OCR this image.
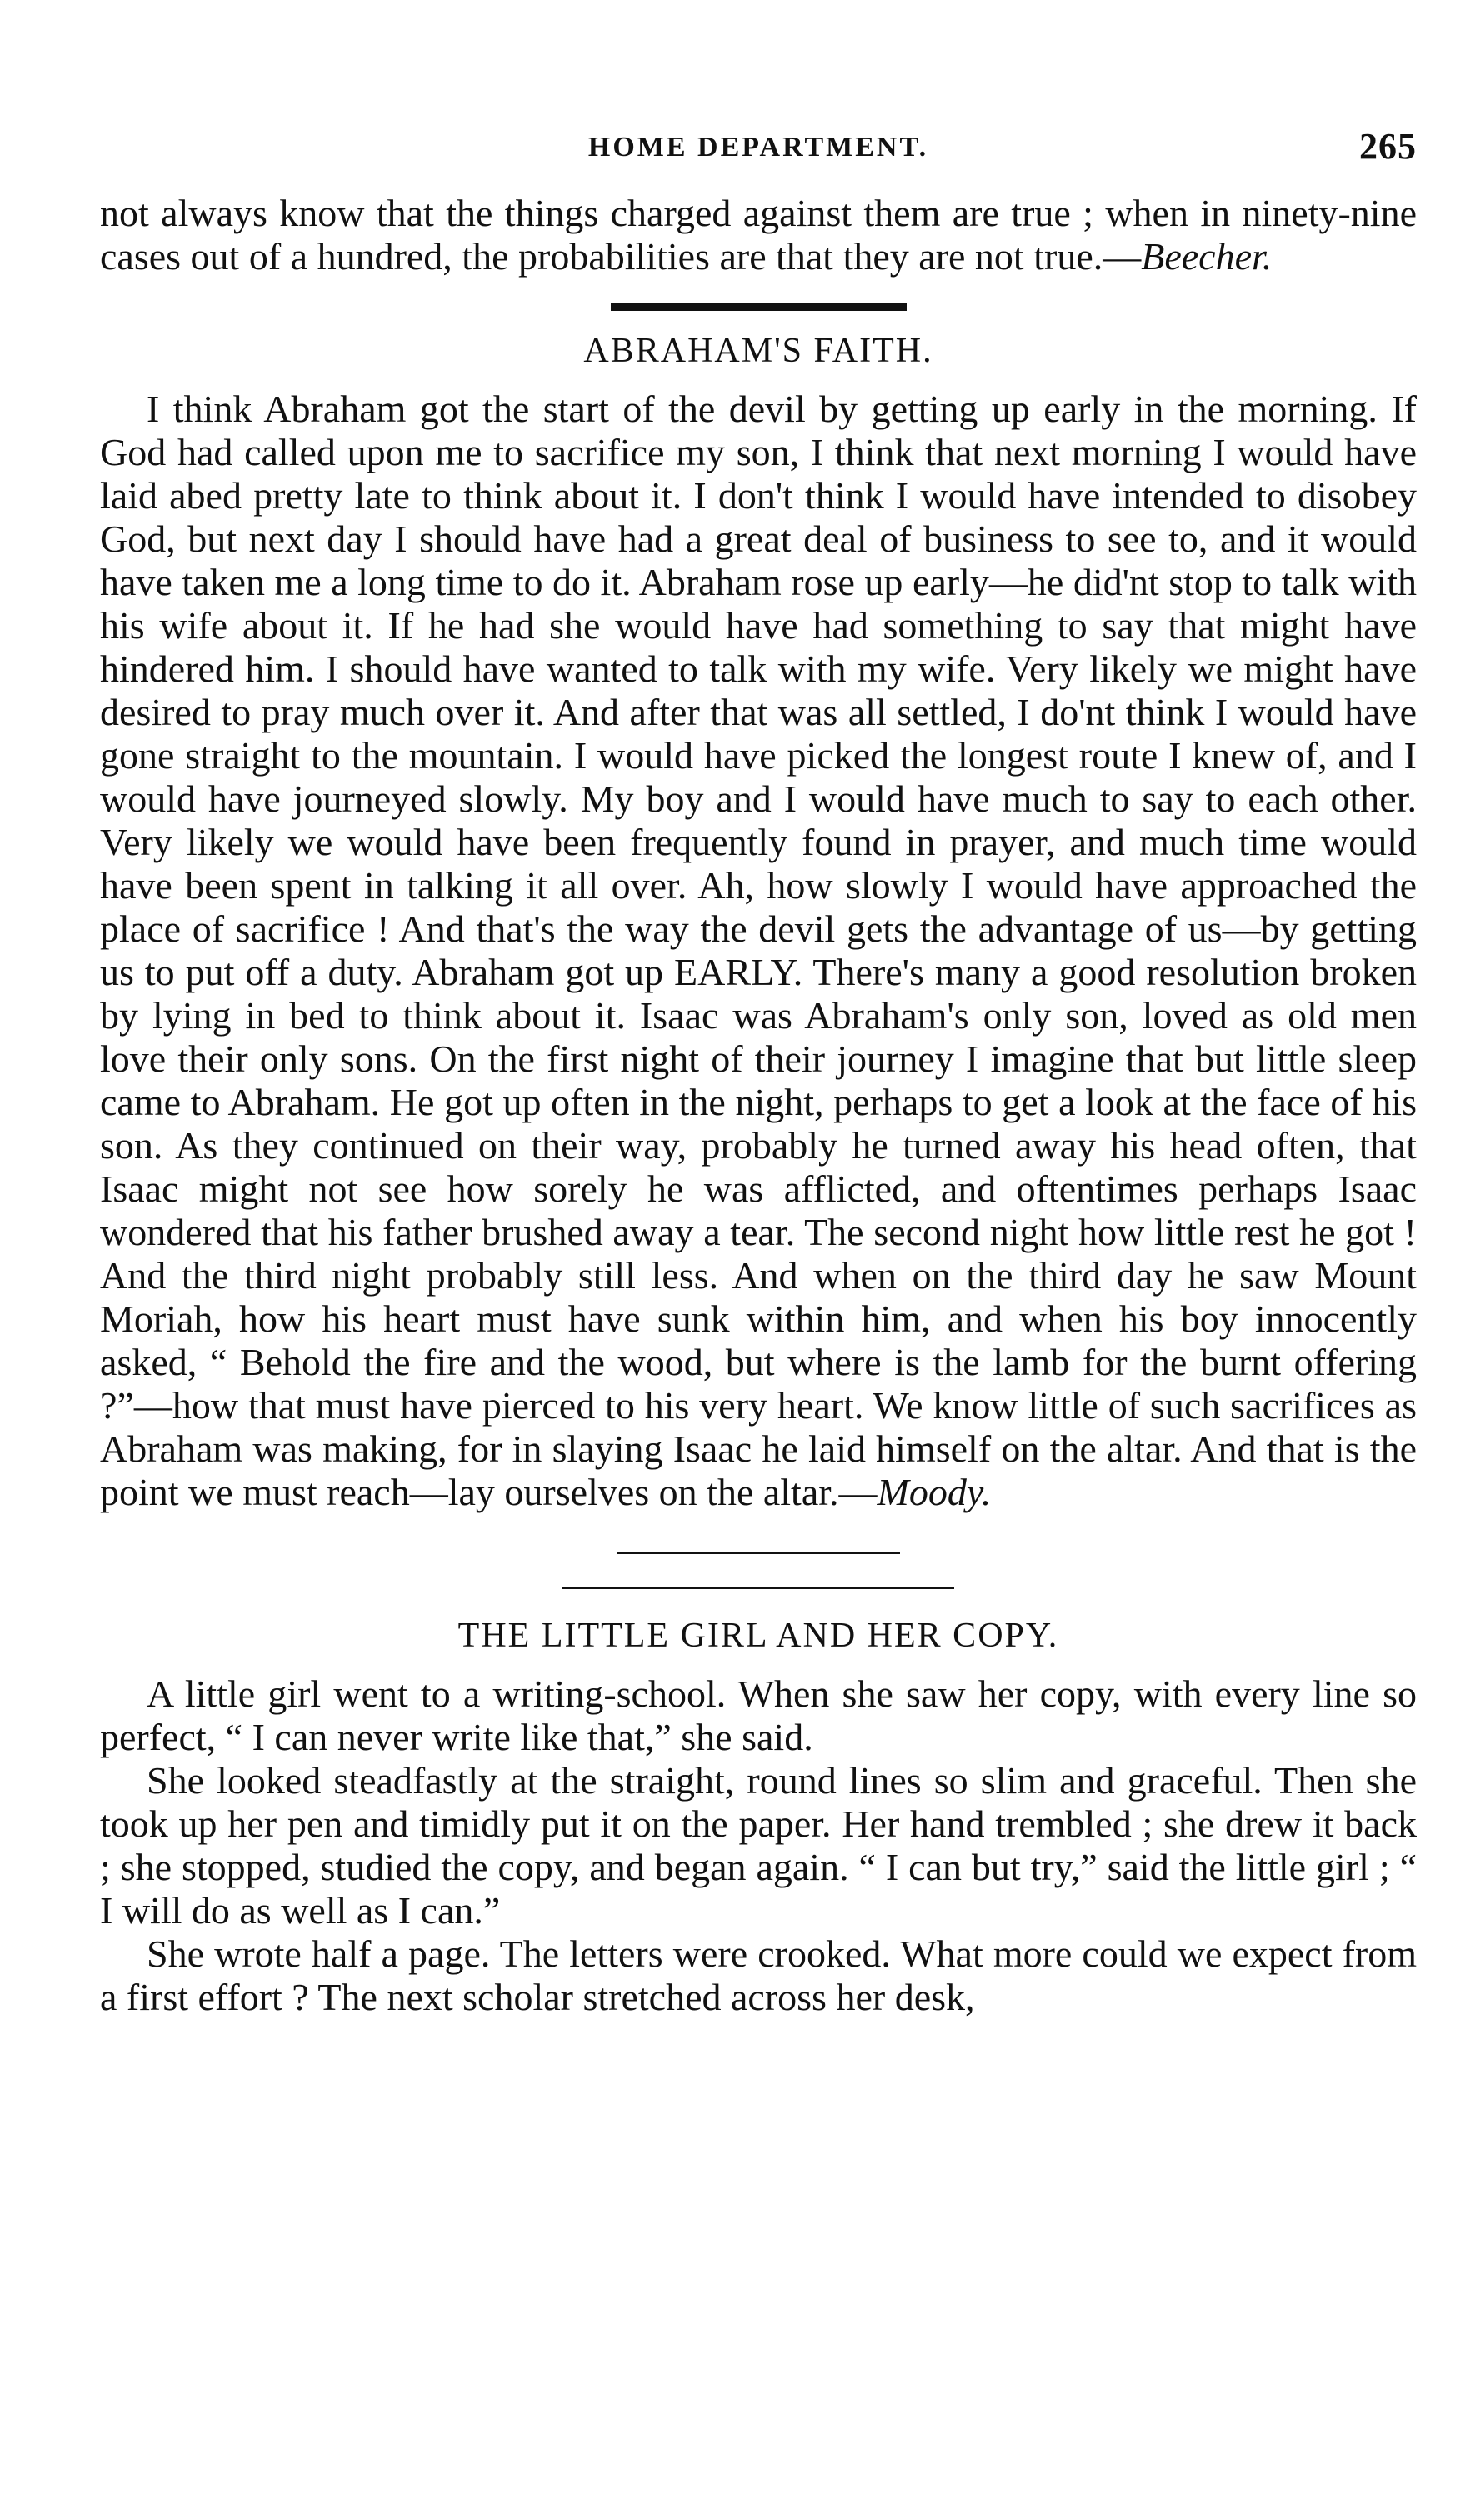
HOME DEPARTMENT.	265

not always know that the things charged against them are true ; when in ninety-nine cases out of a hundred, the probabilities are that they are not true.—Beecher.

ABRAHAM'S FAITH.

I think Abraham got the start of the devil by getting up early in the morning. If God had called upon me to sacrifice my son, I think that next morning I would have laid abed pretty late to think about it. I don't think I would have intended to disobey God, but next day I should have had a great deal of business to see to, and it would have taken me a long time to do it. Abraham rose up early—he did'nt stop to talk with his wife about it. If he had she would have had something to say that might have hindered him. I should have wanted to talk with my wife. Very likely we might have desired to pray much over it. And after that was all settled, I do'nt think I would have gone straight to the mountain. I would have picked the longest route I knew of, and I would have journeyed slowly. My boy and I would have much to say to each other. Very likely we would have been frequently found in prayer, and much time would have been spent in talking it all over. Ah, how slowly I would have approached the place of sacrifice ! And that's the way the devil gets the advantage of us—by getting us to put off a duty. Abraham got up EARLY. There's many a good resolution broken by lying in bed to think about it. Isaac was Abraham's only son, loved as old men love their only sons. On the first night of their journey I imagine that but little sleep came to Abraham. He got up often in the night, perhaps to get a look at the face of his son. As they continued on their way, probably he turned away his head often, that Isaac might not see how sorely he was afflicted, and oftentimes perhaps Isaac wondered that his father brushed away a tear. The second night how little rest he got ! And the third night probably still less. And when on the third day he saw Mount Moriah, how his heart must have sunk within him, and when his boy innocently asked, “ Behold the fire and the wood, but where is the lamb for the burnt offering ?”—how that must have pierced to his very heart. We know little of such sacrifices as Abraham was making, for in slaying Isaac he laid himself on the altar. And that is the point we must reach—lay ourselves on the altar.—Moody.

THE LITTLE GIRL AND HER COPY.

A little girl went to a writing-school. When she saw her copy, with every line so perfect, “ I can never write like that,” she said.

She looked steadfastly at the straight, round lines so slim and graceful. Then she took up her pen and timidly put it on the paper. Her hand trembled ; she drew it back ; she stopped, studied the copy, and began again. “ I can but try,” said the little girl ; “ I will do as well as I can.”

She wrote half a page. The letters were crooked. What more could we expect from a first effort ? The next scholar stretched across her desk,
